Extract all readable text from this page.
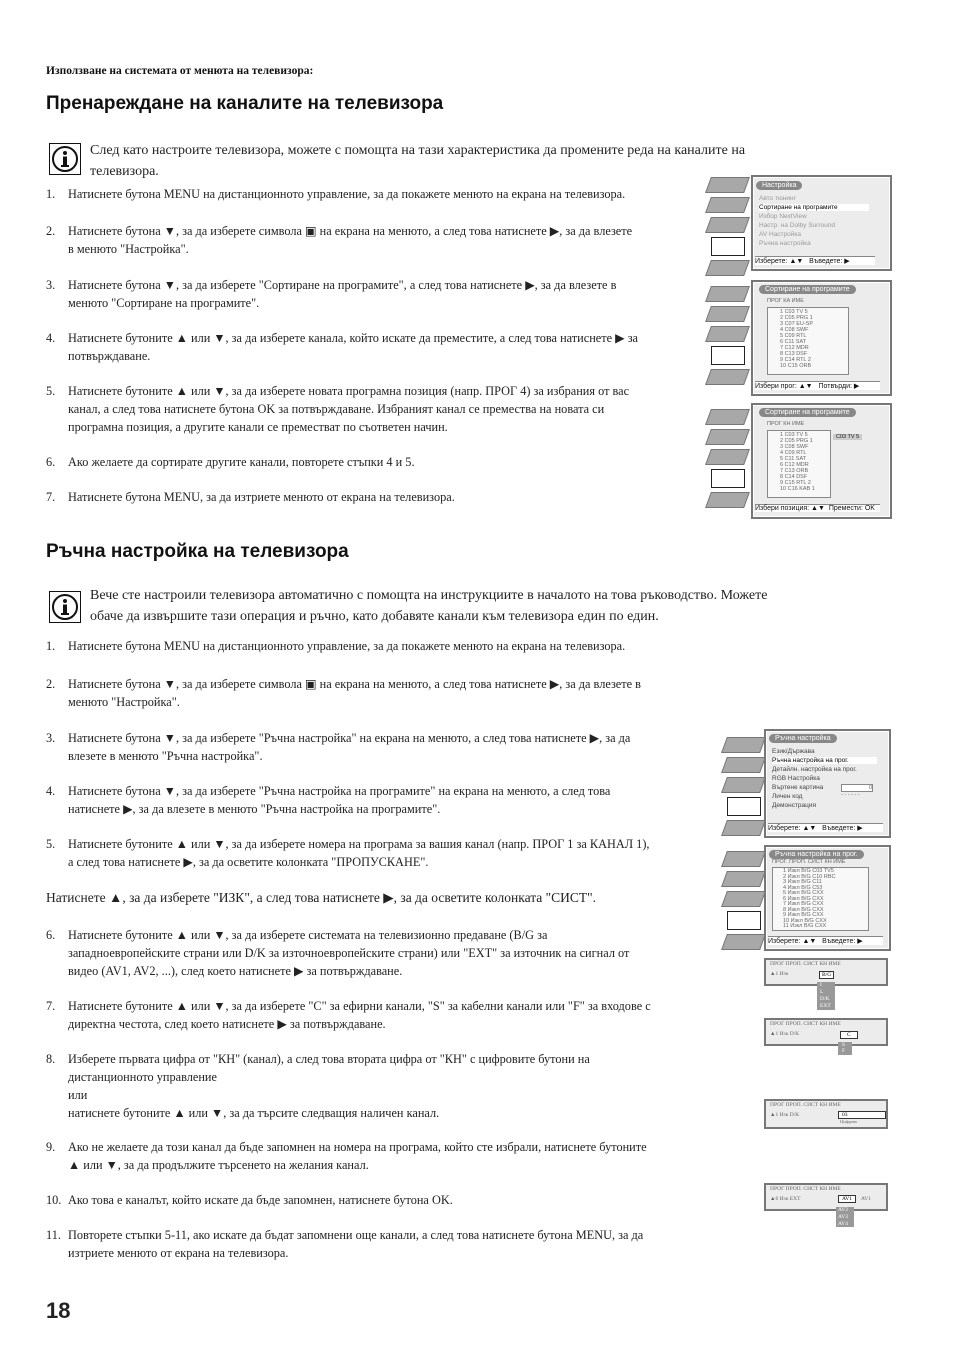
Използване на системата от менюта на телевизора:
Пренареждане на каналите на телевизора
След като настроите телевизора, можете с помощта на тази характеристика да промените реда на каналите на
телевизора.
1. Натиснете бутона MENU на дистанционното управление, за да покажете менюто на екрана на телевизора.
2. Натиснете бутона ▼, за да изберете символа ▣ на екрана на менюто, а след това натиснете ▶, за да влезете
в менюто "Настройка".
3. Натиснете бутона ▼, за да изберете "Сортиране на програмите", а след това натиснете ▶, за да влезете в
менюто "Сортиране на програмите".
4. Натиснете бутоните ▲ или ▼, за да изберете канала, който искате да преместите, а след това натиснете ▶ за
потвърждаване.
5. Натиснете бутоните ▲ или ▼, за да изберете новата програмна позиция (напр. ПРОГ 4) за избрания от вас
канал, а след това натиснете бутона OK за потвърждаване. Избраният канал се премества на новата си
програмна позиция, а другите канали се преместват по съответен начин.
6. Ако желаете да сортирате другите канали, повторете стъпки 4 и 5.
7. Натиснете бутона MENU, за да изтриете менюто от екрана на телевизора.
Настройка
Авто тюнинг
Сортиране на програмите
Избор NextView
Настр. на Dolby Surround
AV Настройка
Ръчна настройка
Изберете: ▲▼ Въведете: ▶
Сортиране на програмите
ПРОГ КА ИМЕ
1 C03 TV 5
2 C05 PRG 1
3 C07 EU-SP
4 C08 SWF
5 C09 RTL
6 C11 SAT
7 C12 MDR
8 C13 DSF
9 C14 RTL 2
10 C15 ORB
Избери прог: ▲▼ Потвърди: ▶
Сортиране на програмите
ПРОГ КН ИМЕ
1 C03 TV 5
2 C05 PRG 1
3 C08 SWF
4 C09 RTL
5 C11 SAT
6 C12 MDR
7 C13 ORB
8 C14 DSF
9 C15 RTL 2
10 C16 KAB 1
C03 TV 5
Избери позиция: ▲▼ Премести: OK
Ръчна настройка на телевизора
Вече сте настроили телевизора автоматично с помощта на инструкциите в началото на това ръководство. Можете
обаче да извършите тази операция и ръчно, като добавяте канали към телевизора един по един.
1. Натиснете бутона MENU на дистанционното управление, за да покажете менюто на екрана на телевизора.
2. Натиснете бутона ▼, за да изберете символа ▣ на екрана на менюто, а след това натиснете ▶, за да влезете в
менюто "Настройка".
3. Натиснете бутона ▼, за да изберете "Ръчна настройка" на екрана на менюто, а след това натиснете ▶, за да
влезете в менюто "Ръчна настройка".
4. Натиснете бутона ▼, за да изберете "Ръчна настройка на програмите" на екрана на менюто, а след това
натиснете ▶, за да влезете в менюто "Ръчна настройка на програмите".
5. Натиснете бутоните ▲ или ▼, за да изберете номера на програма за вашия канал (напр. ПРОГ 1 за КАНАЛ 1),
а след това натиснете ▶, за да осветите колонката "ПРОПУСКАНЕ".
Натиснете ▲, за да изберете "ИЗК", а след това натиснете ▶, за да осветите колонката "СИСТ".
6. Натиснете бутоните ▲ или ▼, за да изберете системата на телевизионно предаване (B/G за
западноевропейските страни или D/K за източноевропейските страни) или "EXT" за източник на сигнал от
видео (AV1, AV2, ...), след което натиснете ▶ за потвърждаване.
7. Натиснете бутоните ▲ или ▼, за да изберете "C" за ефирни канали, "S" за кабелни канали или "F" за входове с
директна честота, след което натиснете ▶ за потвърждаване.
8. Изберете първата цифра от "КН" (канал), а след това втората цифра от "КН" с цифровите бутони на
дистанционното управление
или
натиснете бутоните ▲ или ▼, за да търсите следващия наличен канал.
9. Ако не желаете да този канал да бъде запомнен на номера на програма, който сте избрали, натиснете бутоните
▲ или ▼, за да продължите търсенето на желания канал.
10. Ако това е каналът, който искате да бъде запомнен, натиснете бутона OK.
11. Повторете стъпки 5-11, ако искате да бъдат запомнени още канали, а след това натиснете бутона MENU, за да
изтриете менюто от екрана на телевизора.
Ръчна настройка
Език/Държава
Ръчна настройка на прог.
Детайлн. настройка на прог.
RGB Настройка
Въртене картина
Личен код
Демонстрация
0
- - - - - -
Изберете: ▲▼ Въведете: ▶
Ръчна настройка на прог.
ПРОГ. ПРОП. СИСТ КН ИМЕ
1 Изкл B/G C03 TV5
2 Изкл B/G C10 RBC
3 Изкл B/G C11
4 Изкл B/G C53
5 Изкл B/G CXX
6 Изкл B/G CXX
7 Изкл B/G CXX
8 Изкл B/G CXX
9 Изкл B/G CXX
10 Изкл B/G CXX
11 Изкл B/G CXX
Изберете: ▲▼ Въведете: ▶
ПРОГ ПРОП. СИСТ КН ИМЕ
▲1 Изк	B/G
I
L
D/K
EXT
ПРОГ ПРОП. СИСТ КН ИМЕ
▲1 Изк D/K	C
S
F
ПРОГ ПРОП. СИСТ КН ИМЕ
▲1 Изк D/K	03
Цифрово
ПРОГ ПРОП. СИСТ КН ИМЕ
▲6 Изк EXT	AV1	AV1
AV2
AV3
AV4
18
